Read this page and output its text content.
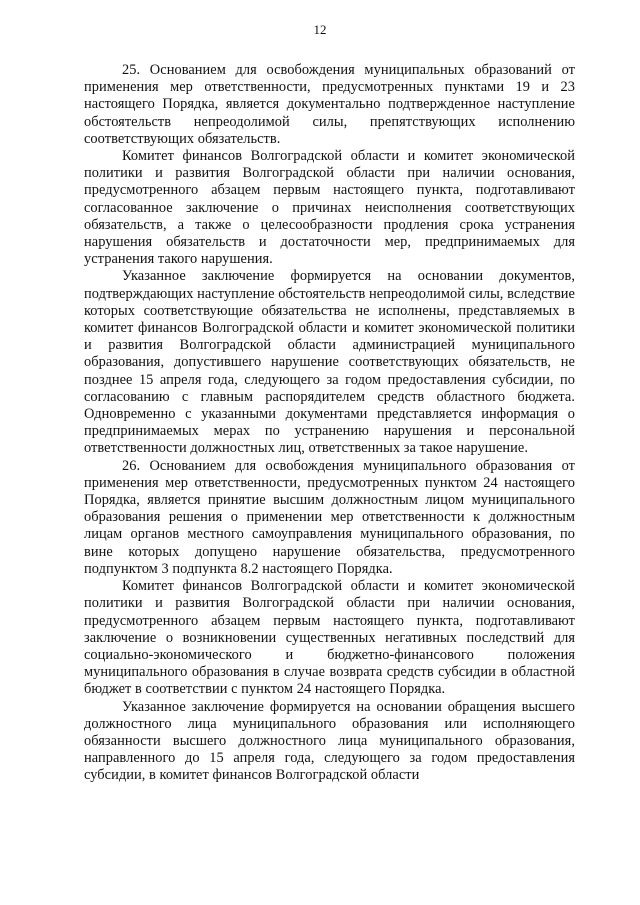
12

25. Основанием для освобождения муниципальных образований от применения мер ответственности, предусмотренных пунктами 19 и 23 настоящего Порядка, является документально подтвержденное наступление обстоятельств непреодолимой силы, препятствующих исполнению соответствующих обязательств.

Комитет финансов Волгоградской области и комитет экономической политики и развития Волгоградской области при наличии основания, предусмотренного абзацем первым настоящего пункта, подготавливают согласованное заключение о причинах неисполнения соответствующих обязательств, а также о целесообразности продления срока устранения нарушения обязательств и достаточности мер, предпринимаемых для устранения такого нарушения.

Указанное заключение формируется на основании документов, подтверждающих наступление обстоятельств непреодолимой силы, вследствие которых соответствующие обязательства не исполнены, представляемых в комитет финансов Волгоградской области и комитет экономической политики и развития Волгоградской области администрацией муниципального образования, допустившего нарушение соответствующих обязательств, не позднее 15 апреля года, следующего за годом предоставления субсидии, по согласованию с главным распорядителем средств областного бюджета. Одновременно с указанными документами представляется информация о предпринимаемых мерах по устранению нарушения и персональной ответственности должностных лиц, ответственных за такое нарушение.

26. Основанием для освобождения муниципального образования от применения мер ответственности, предусмотренных пунктом 24 настоящего Порядка, является принятие высшим должностным лицом муниципального образования решения о применении мер ответственности к должностным лицам органов местного самоуправления муниципального образования, по вине которых допущено нарушение обязательства, предусмотренного подпунктом 3 подпункта 8.2 настоящего Порядка.

Комитет финансов Волгоградской области и комитет экономической политики и развития Волгоградской области при наличии основания, предусмотренного абзацем первым настоящего пункта, подготавливают заключение о возникновении существенных негативных последствий для социально-экономического и бюджетно-финансового положения муниципального образования в случае возврата средств субсидии в областной бюджет в соответствии с пунктом 24 настоящего Порядка.

Указанное заключение формируется на основании обращения высшего должностного лица муниципального образования или исполняющего обязанности высшего должностного лица муниципального образования, направленного до 15 апреля года, следующего за годом предоставления субсидии, в комитет финансов Волгоградской области
